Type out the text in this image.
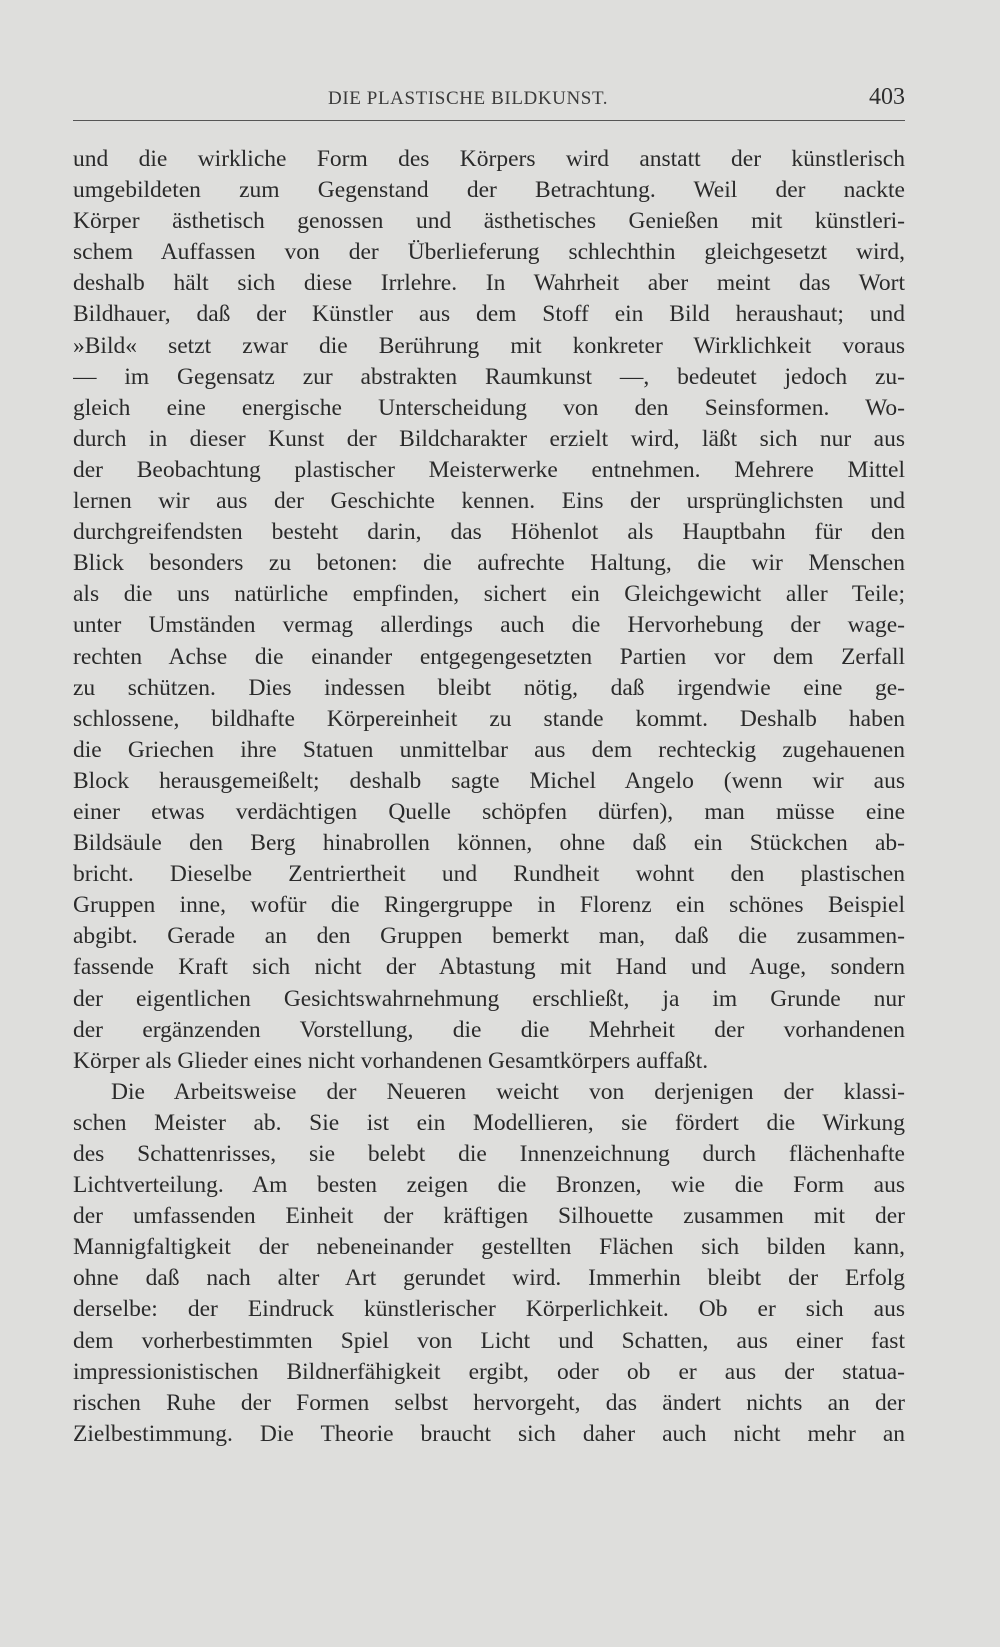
DIE PLASTISCHE BILDKUNST.	403
und die wirkliche Form des Körpers wird anstatt der künstlerisch
umgebildeten zum Gegenstand der Betrachtung. Weil der nackte
Körper ästhetisch genossen und ästhetisches Genießen mit künstleri-
schem Auffassen von der Überlieferung schlechthin gleichgesetzt wird,
deshalb hält sich diese Irrlehre. In Wahrheit aber meint das Wort
Bildhauer, daß der Künstler aus dem Stoff ein Bild heraushaut; und
»Bild« setzt zwar die Berührung mit konkreter Wirklichkeit voraus
— im Gegensatz zur abstrakten Raumkunst —, bedeutet jedoch zu-
gleich eine energische Unterscheidung von den Seinsformen. Wo-
durch in dieser Kunst der Bildcharakter erzielt wird, läßt sich nur aus
der Beobachtung plastischer Meisterwerke entnehmen. Mehrere Mittel
lernen wir aus der Geschichte kennen. Eins der ursprünglichsten und
durchgreifendsten besteht darin, das Höhenlot als Hauptbahn für den
Blick besonders zu betonen: die aufrechte Haltung, die wir Menschen
als die uns natürliche empfinden, sichert ein Gleichgewicht aller Teile;
unter Umständen vermag allerdings auch die Hervorhebung der wage-
rechten Achse die einander entgegengesetzten Partien vor dem Zerfall
zu schützen. Dies indessen bleibt nötig, daß irgendwie eine ge-
schlossene, bildhafte Körpereinheit zu stande kommt. Deshalb haben
die Griechen ihre Statuen unmittelbar aus dem rechteckig zugehauenen
Block herausgemeißelt; deshalb sagte Michel Angelo (wenn wir aus
einer etwas verdächtigen Quelle schöpfen dürfen), man müsse eine
Bildsäule den Berg hinabrollen können, ohne daß ein Stückchen ab-
bricht. Dieselbe Zentriertheit und Rundheit wohnt den plastischen
Gruppen inne, wofür die Ringergruppe in Florenz ein schönes Beispiel
abgibt. Gerade an den Gruppen bemerkt man, daß die zusammen-
fassende Kraft sich nicht der Abtastung mit Hand und Auge, sondern
der eigentlichen Gesichtswahrnehmung erschließt, ja im Grunde nur
der ergänzenden Vorstellung, die die Mehrheit der vorhandenen
Körper als Glieder eines nicht vorhandenen Gesamtkörpers auffaßt.
Die Arbeitsweise der Neueren weicht von derjenigen der klassi-
schen Meister ab. Sie ist ein Modellieren, sie fördert die Wirkung
des Schattenrisses, sie belebt die Innenzeichnung durch flächenhafte
Lichtverteilung. Am besten zeigen die Bronzen, wie die Form aus
der umfassenden Einheit der kräftigen Silhouette zusammen mit der
Mannigfaltigkeit der nebeneinander gestellten Flächen sich bilden kann,
ohne daß nach alter Art gerundet wird. Immerhin bleibt der Erfolg
derselbe: der Eindruck künstlerischer Körperlichkeit. Ob er sich aus
dem vorherbestimmten Spiel von Licht und Schatten, aus einer fast
impressionistischen Bildnerfähigkeit ergibt, oder ob er aus der statua-
rischen Ruhe der Formen selbst hervorgeht, das ändert nichts an der
Zielbestimmung. Die Theorie braucht sich daher auch nicht mehr an
